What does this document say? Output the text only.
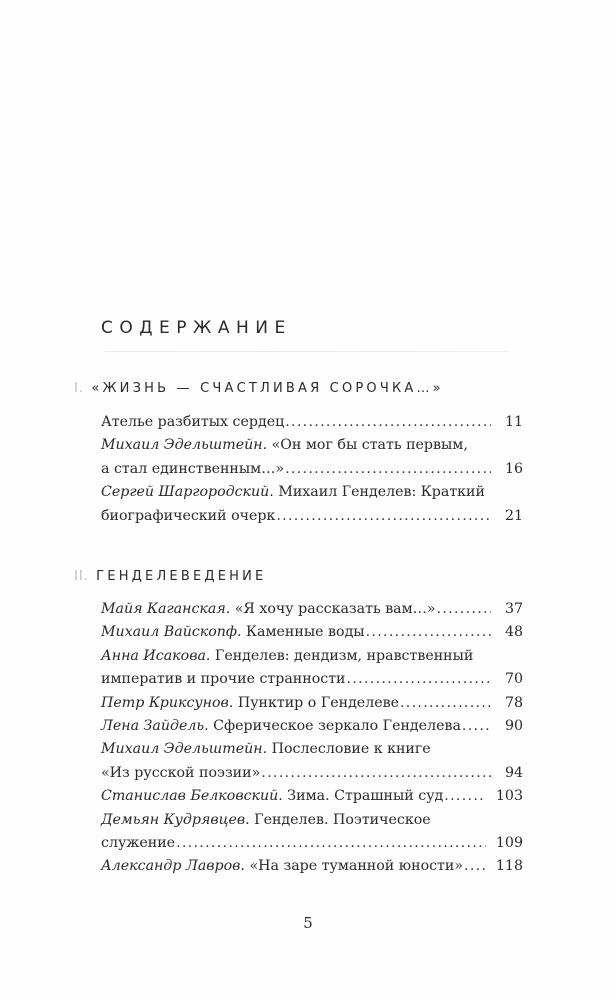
СОДЕРЖАНИЕ
I. «ЖИЗНЬ — СЧАСТЛИВАЯ СОРОЧКА…»
Ателье разбитых сердец .....	11
Михаил Эдельштейн. «Он мог бы стать первым,
а стал единственным…» .....	16
Сергей Шаргородский. Михаил Генделев: Краткий
биографический очерк .....	21
II. ГЕНДЕЛЕВЕДЕНИЕ
Майя Каганская. «Я хочу рассказать вам…» .....	37
Михаил Вайскопф. Каменные воды .....	48
Анна Исакова. Генделев: дендизм, нравственный
императив и прочие странности .....	70
Петр Криксунов. Пунктир о Генделеве .....	78
Лена Зайдель. Сферическое зеркало Генделева .....	90
Михаил Эдельштейн. Послесловие к книге
«Из русской поэзии» .....	94
Станислав Белковский. Зима. Страшный суд .....	103
Демьян Кудрявцев. Генделев. Поэтическое
служение .....	109
Александр Лавров. «На заре туманной юности» ..... 118
5
